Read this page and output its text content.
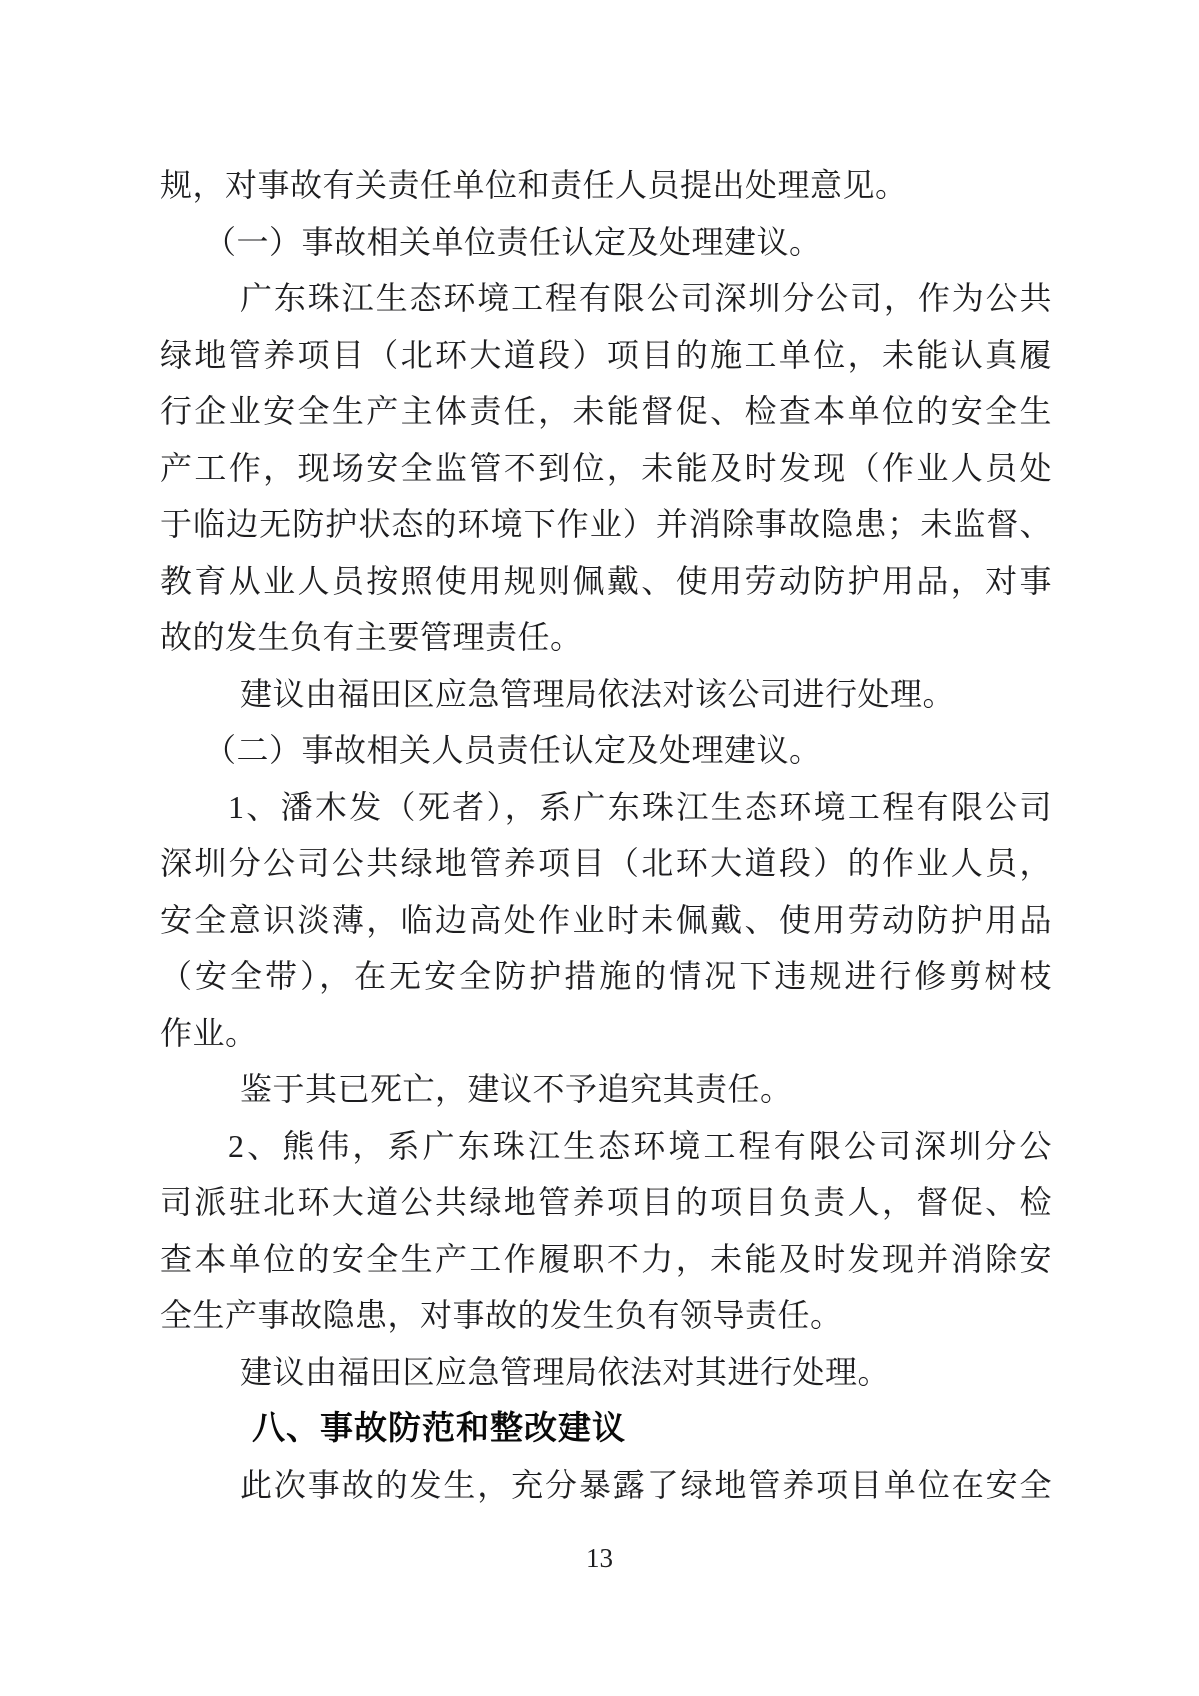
规，对事故有关责任单位和责任人员提出处理意见。
（一）事故相关单位责任认定及处理建议。
广东珠江生态环境工程有限公司深圳分公司，作为公共
绿地管养项目（北环大道段）项目的施工单位，未能认真履
行企业安全生产主体责任，未能督促、检查本单位的安全生
产工作，现场安全监管不到位，未能及时发现（作业人员处
于临边无防护状态的环境下作业）并消除事故隐患；未监督、
教育从业人员按照使用规则佩戴、使用劳动防护用品，对事
故的发生负有主要管理责任。
建议由福田区应急管理局依法对该公司进行处理。
（二）事故相关人员责任认定及处理建议。
1、潘木发（死者），系广东珠江生态环境工程有限公司
深圳分公司公共绿地管养项目（北环大道段）的作业人员，
安全意识淡薄，临边高处作业时未佩戴、使用劳动防护用品
（安全带），在无安全防护措施的情况下违规进行修剪树枝
作业。
鉴于其已死亡，建议不予追究其责任。
2、熊伟，系广东珠江生态环境工程有限公司深圳分公
司派驻北环大道公共绿地管养项目的项目负责人，督促、检
查本单位的安全生产工作履职不力，未能及时发现并消除安
全生产事故隐患，对事故的发生负有领导责任。
建议由福田区应急管理局依法对其进行处理。
八、事故防范和整改建议
此次事故的发生，充分暴露了绿地管养项目单位在安全
13
